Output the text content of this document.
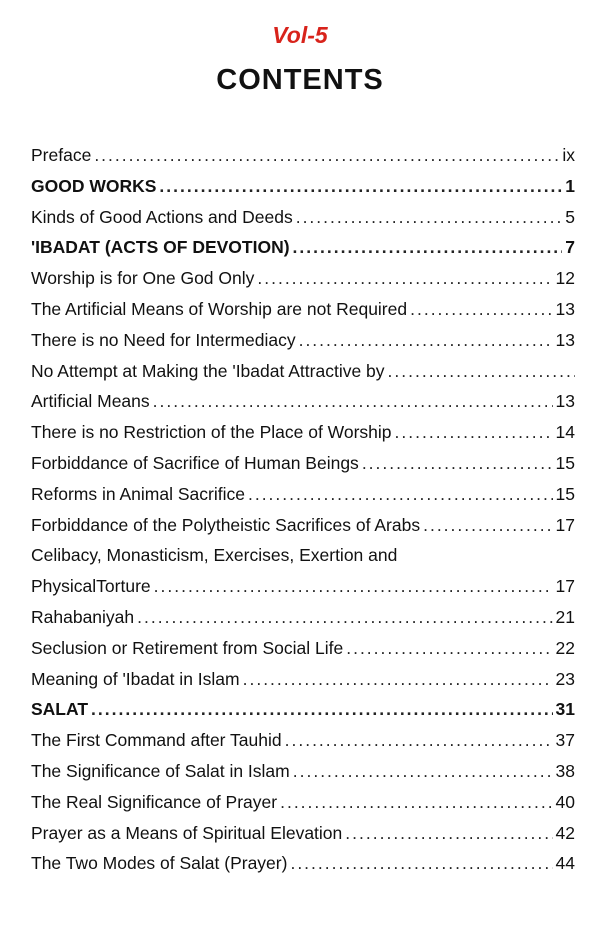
Vol-5
CONTENTS
Preface .....	ix
GOOD WORKS .....	1
Kinds of Good Actions and Deeds .....	5
'IBADAT (ACTS OF DEVOTION) .....	7
Worship is for One God Only .....	12
The Artificial Means of Worship are not Required .....	13
There is no Need for Intermediacy .....	13
No Attempt at Making the 'Ibadat Attractive by
.....
Artificial Means .....	13
There is no Restriction of the Place of Worship .....	14
Forbiddance of Sacrifice of Human Beings .....	15
Reforms in Animal Sacrifice .....	15
Forbiddance of the Polytheistic Sacrifices of Arabs .....	17
Celibacy, Monasticism, Exercises, Exertion and
PhysicalTorture .....	17
Rahabaniyah .....	21
Seclusion or Retirement from Social Life .....	22
Meaning of 'Ibadat in Islam .....	23
SALAT .....	31
The First Command after Tauhid .....	37
The Significance of Salat in Islam .....	38
The Real Significance of Prayer .....	40
Prayer as a Means of Spiritual Elevation .....	42
The Two Modes of Salat (Prayer) .....	44
